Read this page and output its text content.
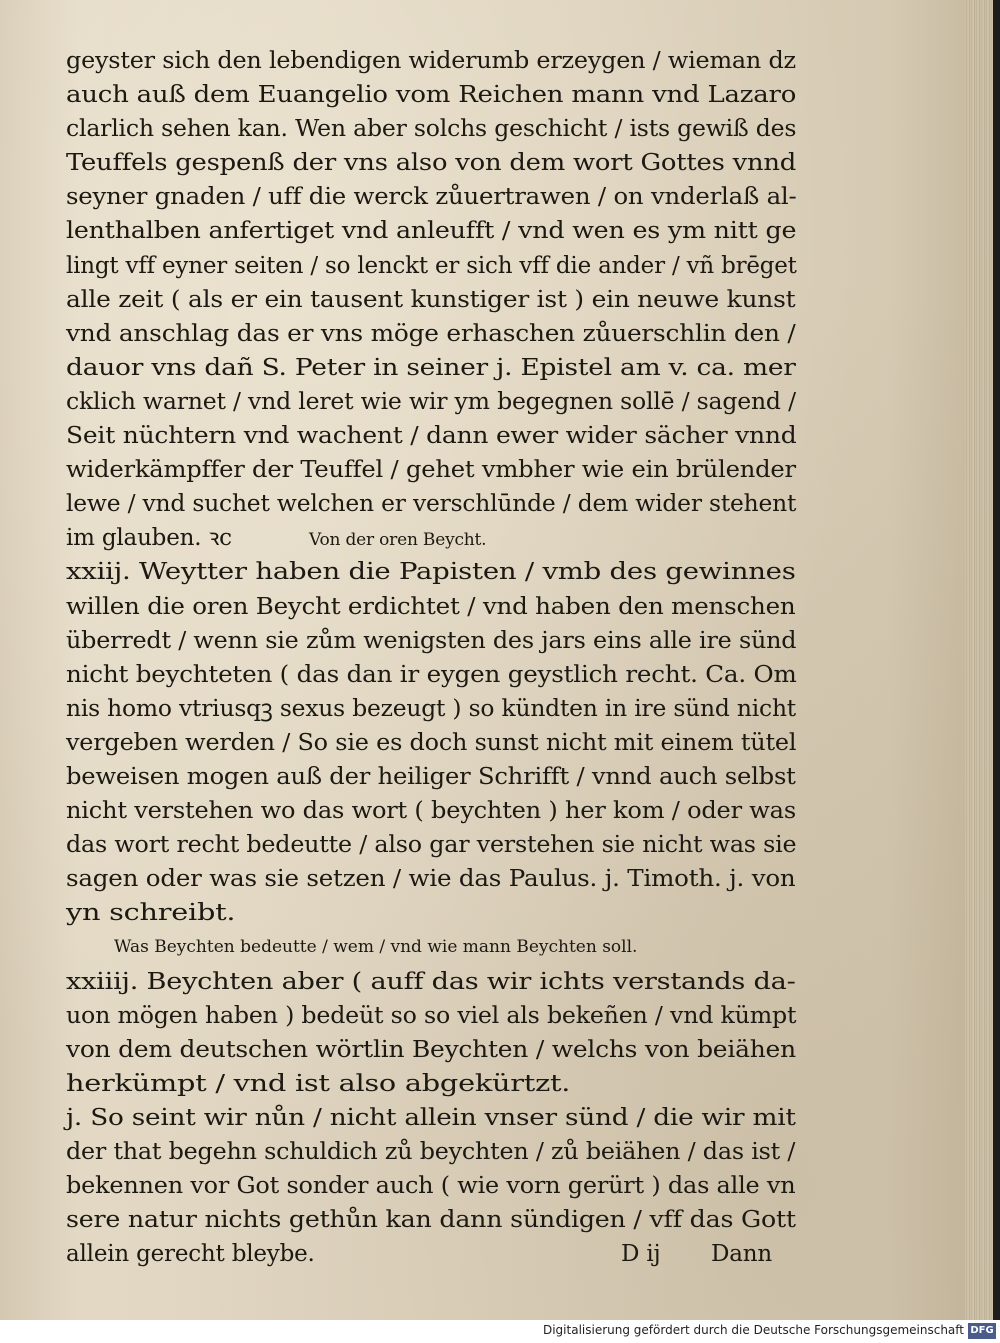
geyster sich den lebendigen widerumb erzeygen / wieman dz
auch auß dem Euangelio vom Reichen mann vnd Lazaro
clarlich sehen kan. Wen aber solchs geschicht / ists gewiß des
Teuffels gespenß der vns also von dem wort Gottes vnnd
seyner gnaden / uff die werck zůuertrawen / on vnderlaß al-
lenthalben anfertiget vnd anleufft / vnd wen es ym nitt ge
lingt vff eyner seiten / so lenckt er sich vff die ander / vñ brēget
alle zeit ( als er ein tausent kunstiger ist ) ein neuwe kunst
vnd anschlag das er vns möge erhaschen zůuerschlin den /
dauor vns dañ S. Peter in seiner j. Epistel am v. ca. mer
cklich warnet / vnd leret wie wir ym begegnen sollē / sagend /
Seit nüchtern vnd wachent / dann ewer wider sächer vnnd
widerkämpffer der Teuffel / gehet vmbher wie ein brülender
lewe / vnd suchet welchen er verschlūnde / dem wider stehent
im glauben. ꝛc	Von der oren Beycht.
xxiij. Weytter haben die Papisten / vmb des gewinnes
willen die oren Beycht erdichtet / vnd haben den menschen
überredt / wenn sie zům wenigsten des jars eins alle ire sünd
nicht beychteten ( das dan ir eygen geystlich recht. Ca. Om
nis homo vtriusqꝫ sexus bezeugt ) so kündten in ire sünd nicht
vergeben werden / So sie es doch sunst nicht mit einem tütel
beweisen mogen auß der heiliger Schrifft / vnnd auch selbst
nicht verstehen wo das wort ( beychten ) her kom / oder was
das wort recht bedeutte / also gar verstehen sie nicht was sie
sagen oder was sie setzen / wie das Paulus. j. Timoth. j. von
yn schreibt.
Was Beychten bedeutte / wem / vnd wie mann Beychten soll.
xxiiij. Beychten aber ( auff das wir ichts verstands da-
uon mögen haben ) bedeüt so so viel als bekeñen / vnd kümpt
von dem deutschen wörtlin Beychten / welchs von beiähen
herkümpt / vnd ist also abgekürtzt.
j. So seint wir nůn / nicht allein vnser sünd / die wir mit
der that begehn schuldich zů beychten / zů beiähen / das ist /
bekennen vor Got sonder auch ( wie vorn gerürt ) das alle vn
sere natur nichts gethůn kan dann sündigen / vff das Gott
allein gerecht bleybe.	D ij Dann
Digitalisierung gefördert durch die Deutsche Forschungsgemeinschaft DFG
